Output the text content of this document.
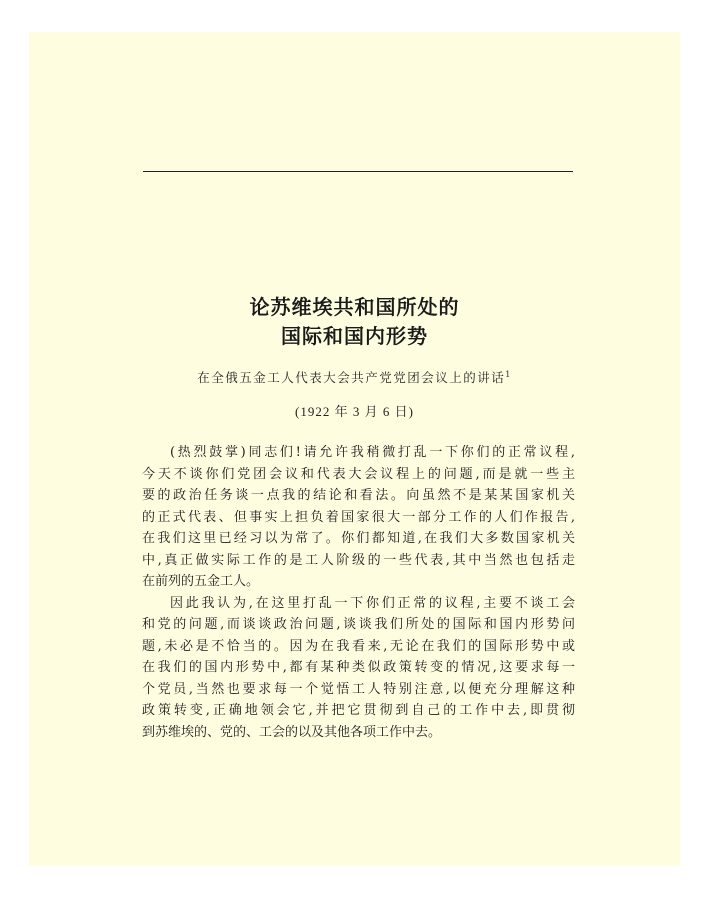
论苏维埃共和国所处的
国际和国内形势
在全俄五金工人代表大会共产党党团会议上的讲话$^1$
(1922 年 3 月 6 日)
(热烈鼓掌)同志们!请允许我稍微打乱一下你们的正常议程,
今天不谈你们党团会议和代表大会议程上的问题,而是就一些主
要的政治任务谈一点我的结论和看法。向虽然不是某某国家机关
的正式代表、但事实上担负着国家很大一部分工作的人们作报告,
在我们这里已经习以为常了。你们都知道,在我们大多数国家机关
中,真正做实际工作的是工人阶级的一些代表,其中当然也包括走
在前列的五金工人。
因此我认为,在这里打乱一下你们正常的议程,主要不谈工会
和党的问题,而谈谈政治问题,谈谈我们所处的国际和国内形势问
题,未必是不恰当的。因为在我看来,无论在我们的国际形势中或
在我们的国内形势中,都有某种类似政策转变的情况,这要求每一
个党员,当然也要求每一个觉悟工人特别注意,以便充分理解这种
政策转变,正确地领会它,并把它贯彻到自己的工作中去,即贯彻
到苏维埃的、党的、工会的以及其他各项工作中去。
